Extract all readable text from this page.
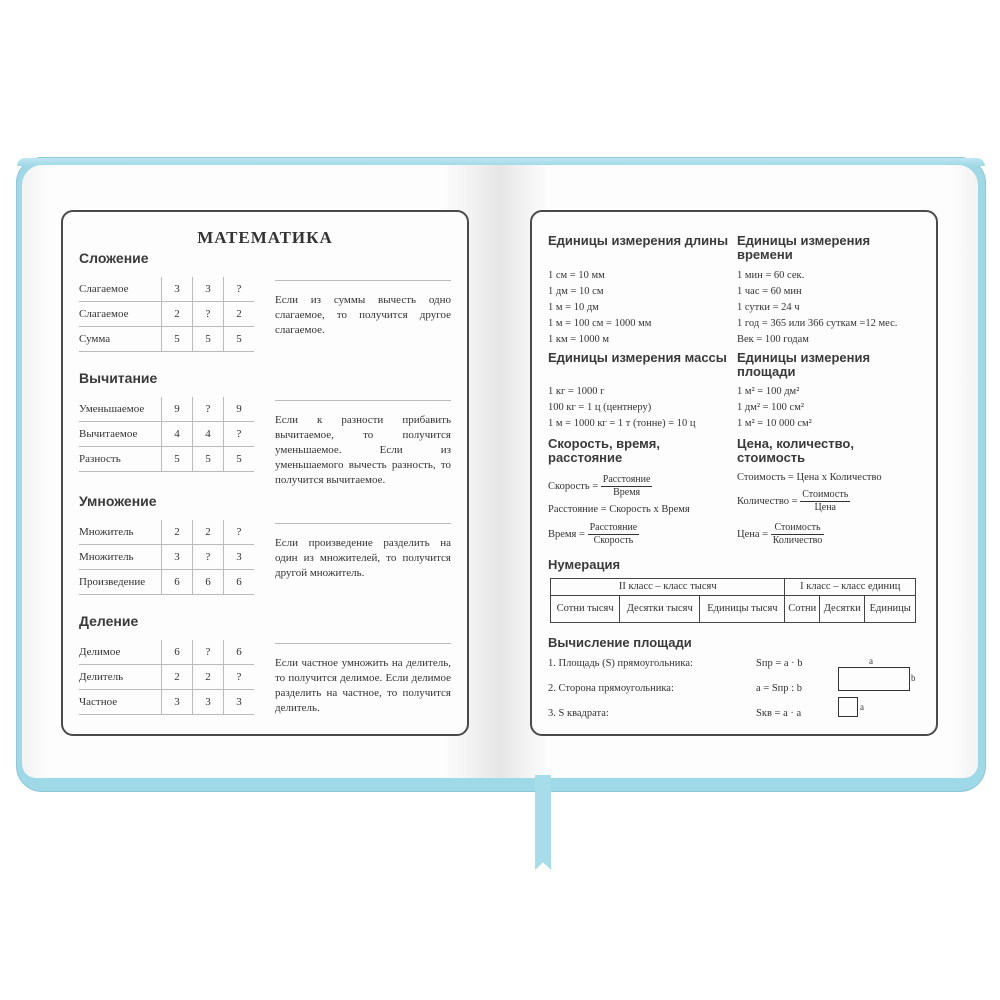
МАТЕМАТИКА
Сложение
Слагаемое	3	3	?
Слагаемое	2	?	2
Сумма	5	5	5
Если из суммы вычесть одно слагаемое, то получится другое слагаемое.
Вычитание
Уменьшаемое	9	?	9
Вычитаемое	4	4	?
Разность	5	5	5
Если к разности прибавить вычитаемое, то получится уменьшаемое. Если из уменьшаемого вычесть разность, то получится вычитаемое.
Умножение
Множитель	2	2	?
Множитель	3	?	3
Произведение	6	6	6
Если произведение разделить на один из множителей, то получится другой множитель.
Деление
Делимое	6	?	6
Делитель	2	2	?
Частное	3	3	3
Если частное умножить на делитель, то получится делимое. Если делимое разделить на частное, то получится делитель.
Единицы измерения длины
1 см = 10 мм
1 дм = 10 см
1 м = 10 дм
1 м = 100 см = 1000 мм
1 км = 1000 м
Единицы измерения времени
1 мин = 60 сек.
1 час = 60 мин
1 сутки = 24 ч
1 год = 365 или 366 суткам =12 мес.
Век = 100 годам
Единицы измерения массы
1 кг = 1000 г
100 кг = 1 ц (центнеру)
1 м = 1000 кг = 1 т (тонне) = 10 ц
Единицы измерения площади
1 м² = 100 дм²
1 дм² = 100 см²
1 м² = 10 000 см²
Скорость, время, расстояние
Скорость = $\frac{\text{Расстояние}}{\text{Время}}$
Расстояние = Скорость х Время
Время = $\frac{\text{Расстояние}}{\text{Скорость}}$
Цена, количество, стоимость
Стоимость = Цена х Количество
Количество = $\frac{\text{Стоимость}}{\text{Цена}}$
Цена = $\frac{\text{Стоимость}}{\text{Количество}}$
Нумерация
II класс – класс тысяч			I класс – класс единиц		
Сотни тысяч	Десятки тысяч	Единицы тысяч	Сотни	Десятки	Единицы
Вычисление площади
1. Площадь (S) прямоугольника:	Sпр = a · b
2. Сторона прямоугольника:	a = Sпр : b
3. S квадрата:	Sкв = a · a
a
b
a
